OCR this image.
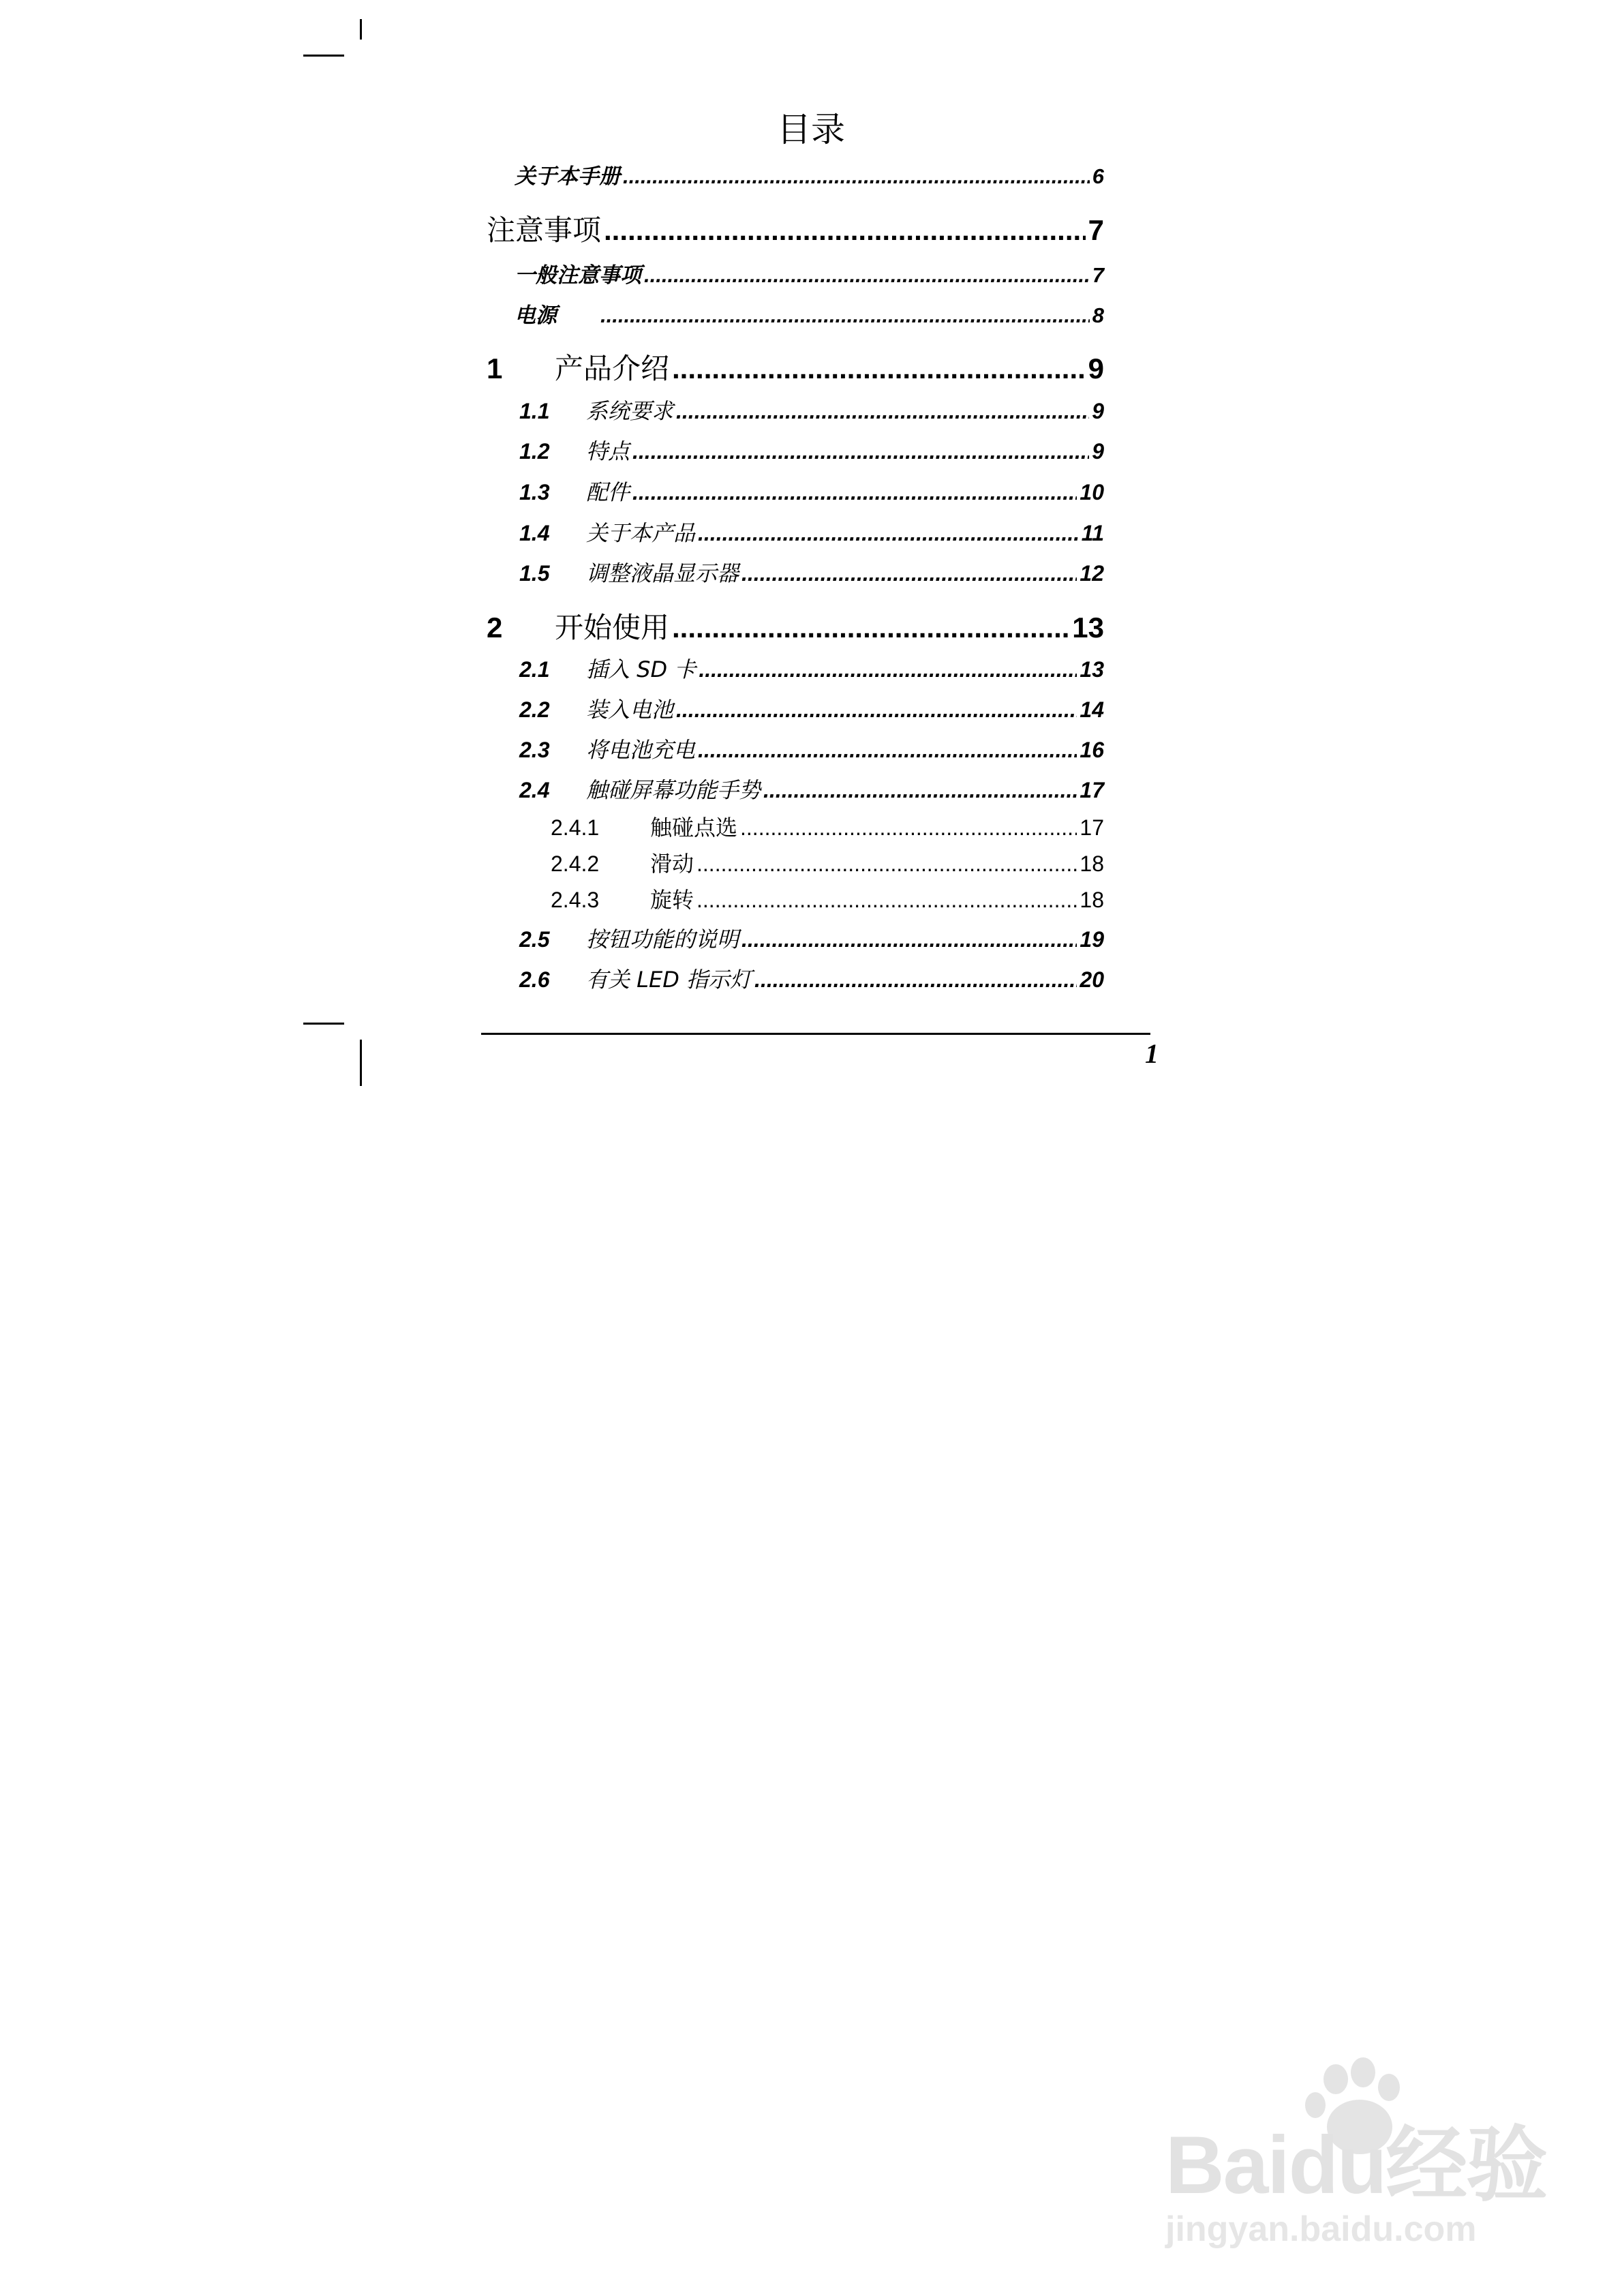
目录
关于本手册 .....	6
注意事项 .....	7
一般注意事项 .....	7
电源 .....	8
1	产品介绍 .....	9
1.1	系统要求 .....	9
1.2	特点 .....	9
1.3	配件 .....	10
1.4	关于本产品 .....	11
1.5	调整液晶显示器 .....	12
2	开始使用 .....	13
2.1	插入 SD 卡 .....	13
2.2	装入电池 .....	14
2.3	将电池充电 .....	16
2.4	触碰屏幕功能手势 .....	17
2.4.1	触碰点选 .....	17
2.4.2	滑动 .....	18
2.4.3	旋转 .....	18
2.5	按钮功能的说明 .....	19
2.6	有关 LED 指示灯 .....	20
1
Baidu经验
jingyan.baidu.com
